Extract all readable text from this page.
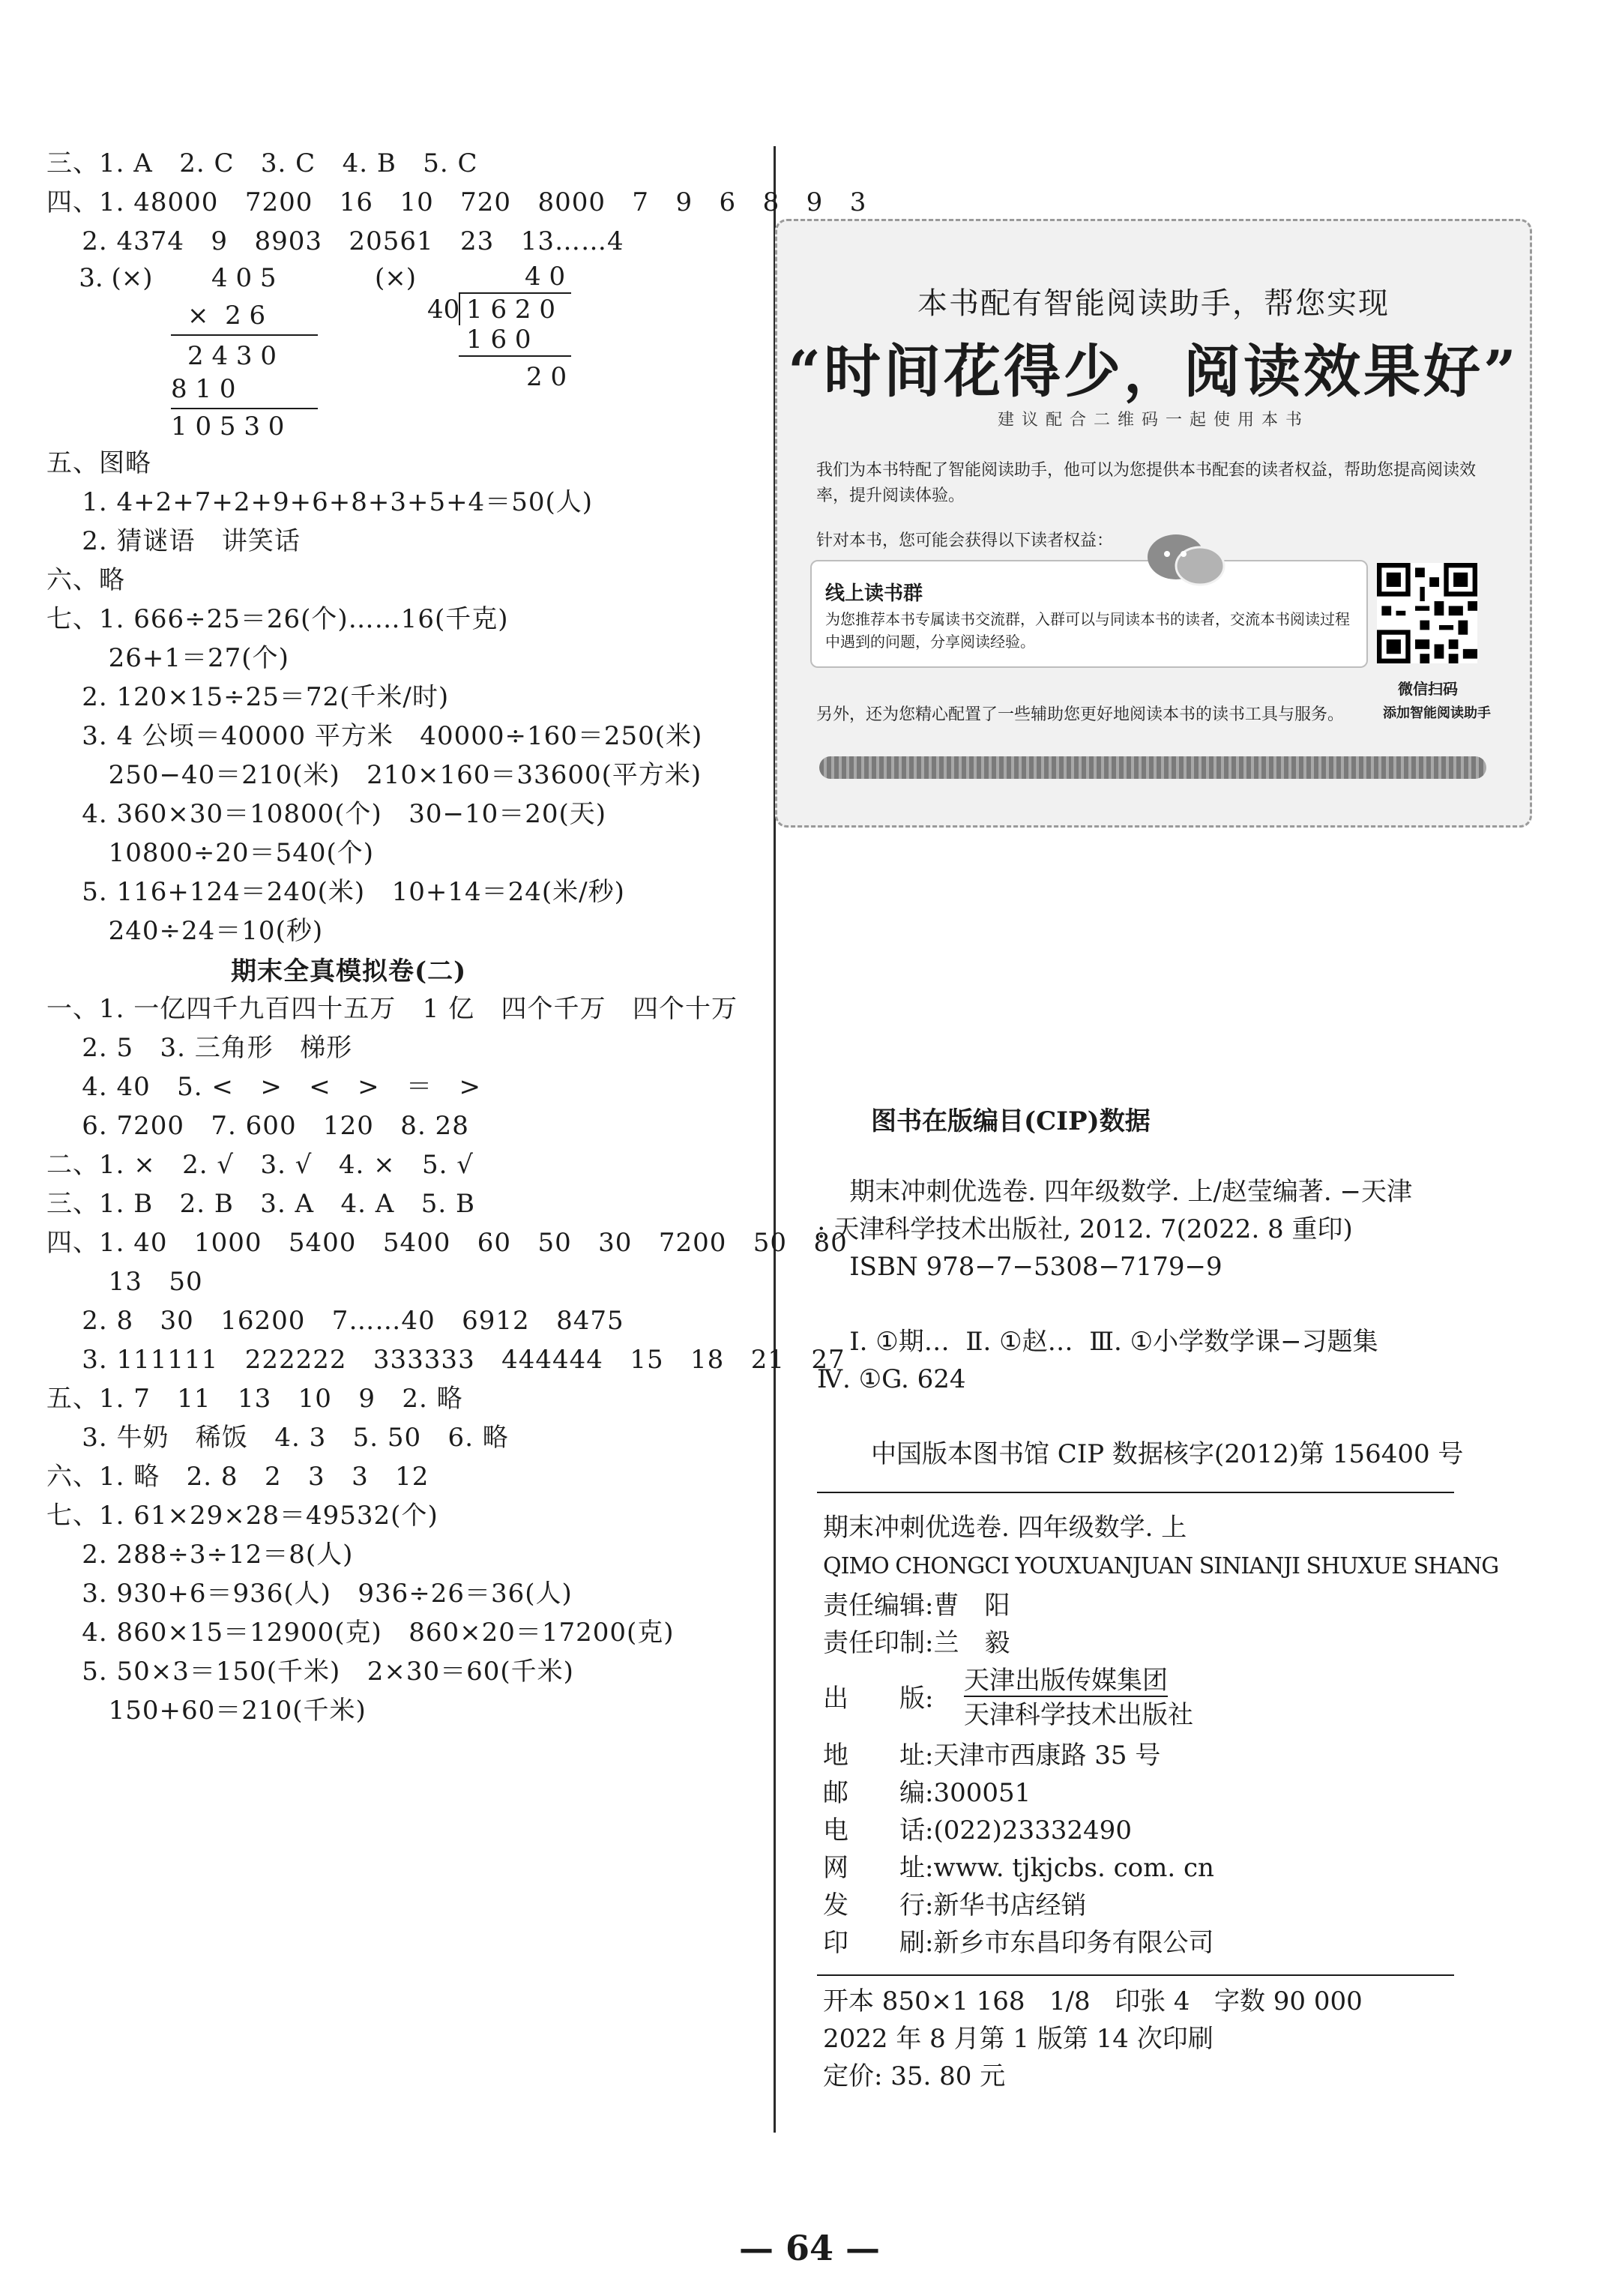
三、1. A   2. C   3. C   4. B   5. C
四、1. 48000   7200   16   10   720   8000   7   9   6   8   9   3
2. 4374   9   8903   20561   23   13……4
3. (×) 4 0 5
×  2 6
2 4 3 0
8 1 0
1 0 5 3 0
(×)	4 0
40 1 6 2 0
1 6 0
2 0
五、图略
1. 4+2+7+2+9+6+8+3+5+4＝50(人)
2. 猜谜语   讲笑话
六、略
七、1. 666÷25＝26(个)……16(千克)
26+1＝27(个)
2. 120×15÷25＝72(千米/时)
3. 4 公顷＝40000 平方米   40000÷160＝250(米)
250−40＝210(米)   210×160＝33600(平方米)
4. 360×30＝10800(个)   30−10＝20(天)
10800÷20＝540(个)
5. 116+124＝240(米)   10+14＝24(米/秒)
240÷24＝10(秒)
期末全真模拟卷(二)
一、1. 一亿四千九百四十五万   1 亿   四个千万   四个十万
2. 5   3. 三角形   梯形
4. 40   5. <   >   <   >   ＝   >
6. 7200   7. 600   120   8. 28
二、1. ×   2. √   3. √   4. ×   5. √
三、1. B   2. B   3. A   4. A   5. B
四、1. 40   1000   5400   5400   60   50   30   7200   50   80
13   50
2. 8   30   16200   7……40   6912   8475
3. 111111   222222   333333   444444   15   18   21   27
五、1. 7   11   13   10   9   2. 略
3. 牛奶   稀饭   4. 3   5. 50   6. 略
六、1. 略   2. 8   2   3   3   12
七、1. 61×29×28＝49532(个)
2. 288÷3÷12＝8(人)
3. 930+6＝936(人)   936÷26＝36(人)
4. 860×15＝12900(克)   860×20＝17200(克)
5. 50×3＝150(千米)   2×30＝60(千米)
150+60＝210(千米)
本书配有智能阅读助手，帮您实现
“时间花得少，阅读效果好”
建议配合二维码一起使用本书
我们为本书特配了智能阅读助手，他可以为您提供本书配套的读者权益，帮助您提高阅读效率，提升阅读体验。
针对本书，您可能会获得以下读者权益：
线上读书群
为您推荐本书专属读书交流群，入群可以与同读本书的读者，交流本书阅读过程中遇到的问题，分享阅读经验。
微信扫码
添加智能阅读助手
另外，还为您精心配置了一些辅助您更好地阅读本书的读书工具与服务。
图书在版编目(CIP)数据
期末冲刺优选卷. 四年级数学. 上/赵莹编著. −天津
: 天津科学技术出版社, 2012. 7(2022. 8 重印)
ISBN 978−7−5308−7179−9
Ⅰ. ①期…  Ⅱ. ①赵…  Ⅲ. ①小学数学课−习题集
Ⅳ. ①G. 624
中国版本图书馆 CIP 数据核字(2012)第 156400 号
期末冲刺优选卷. 四年级数学. 上
QIMO CHONGCI YOUXUANJUAN SINIANJI SHUXUE SHANG
责任编辑 :曹　阳
责任印制 :兰　毅
出　　版 :
天津出版传媒集团
天津科学技术出版社
地　　址 :天津市西康路 35 号
邮　　编 :300051
电　　话 :(022)23332490
网　　址 :www. tjkjcbs. com. cn
发　　行 :新华书店经销
印　　刷 :新乡市东昌印务有限公司
开本 850×1 168   1/8   印张 4   字数 90 000
2022 年 8 月第 1 版第 14 次印刷
定价: 35. 80 元
— 64 —
